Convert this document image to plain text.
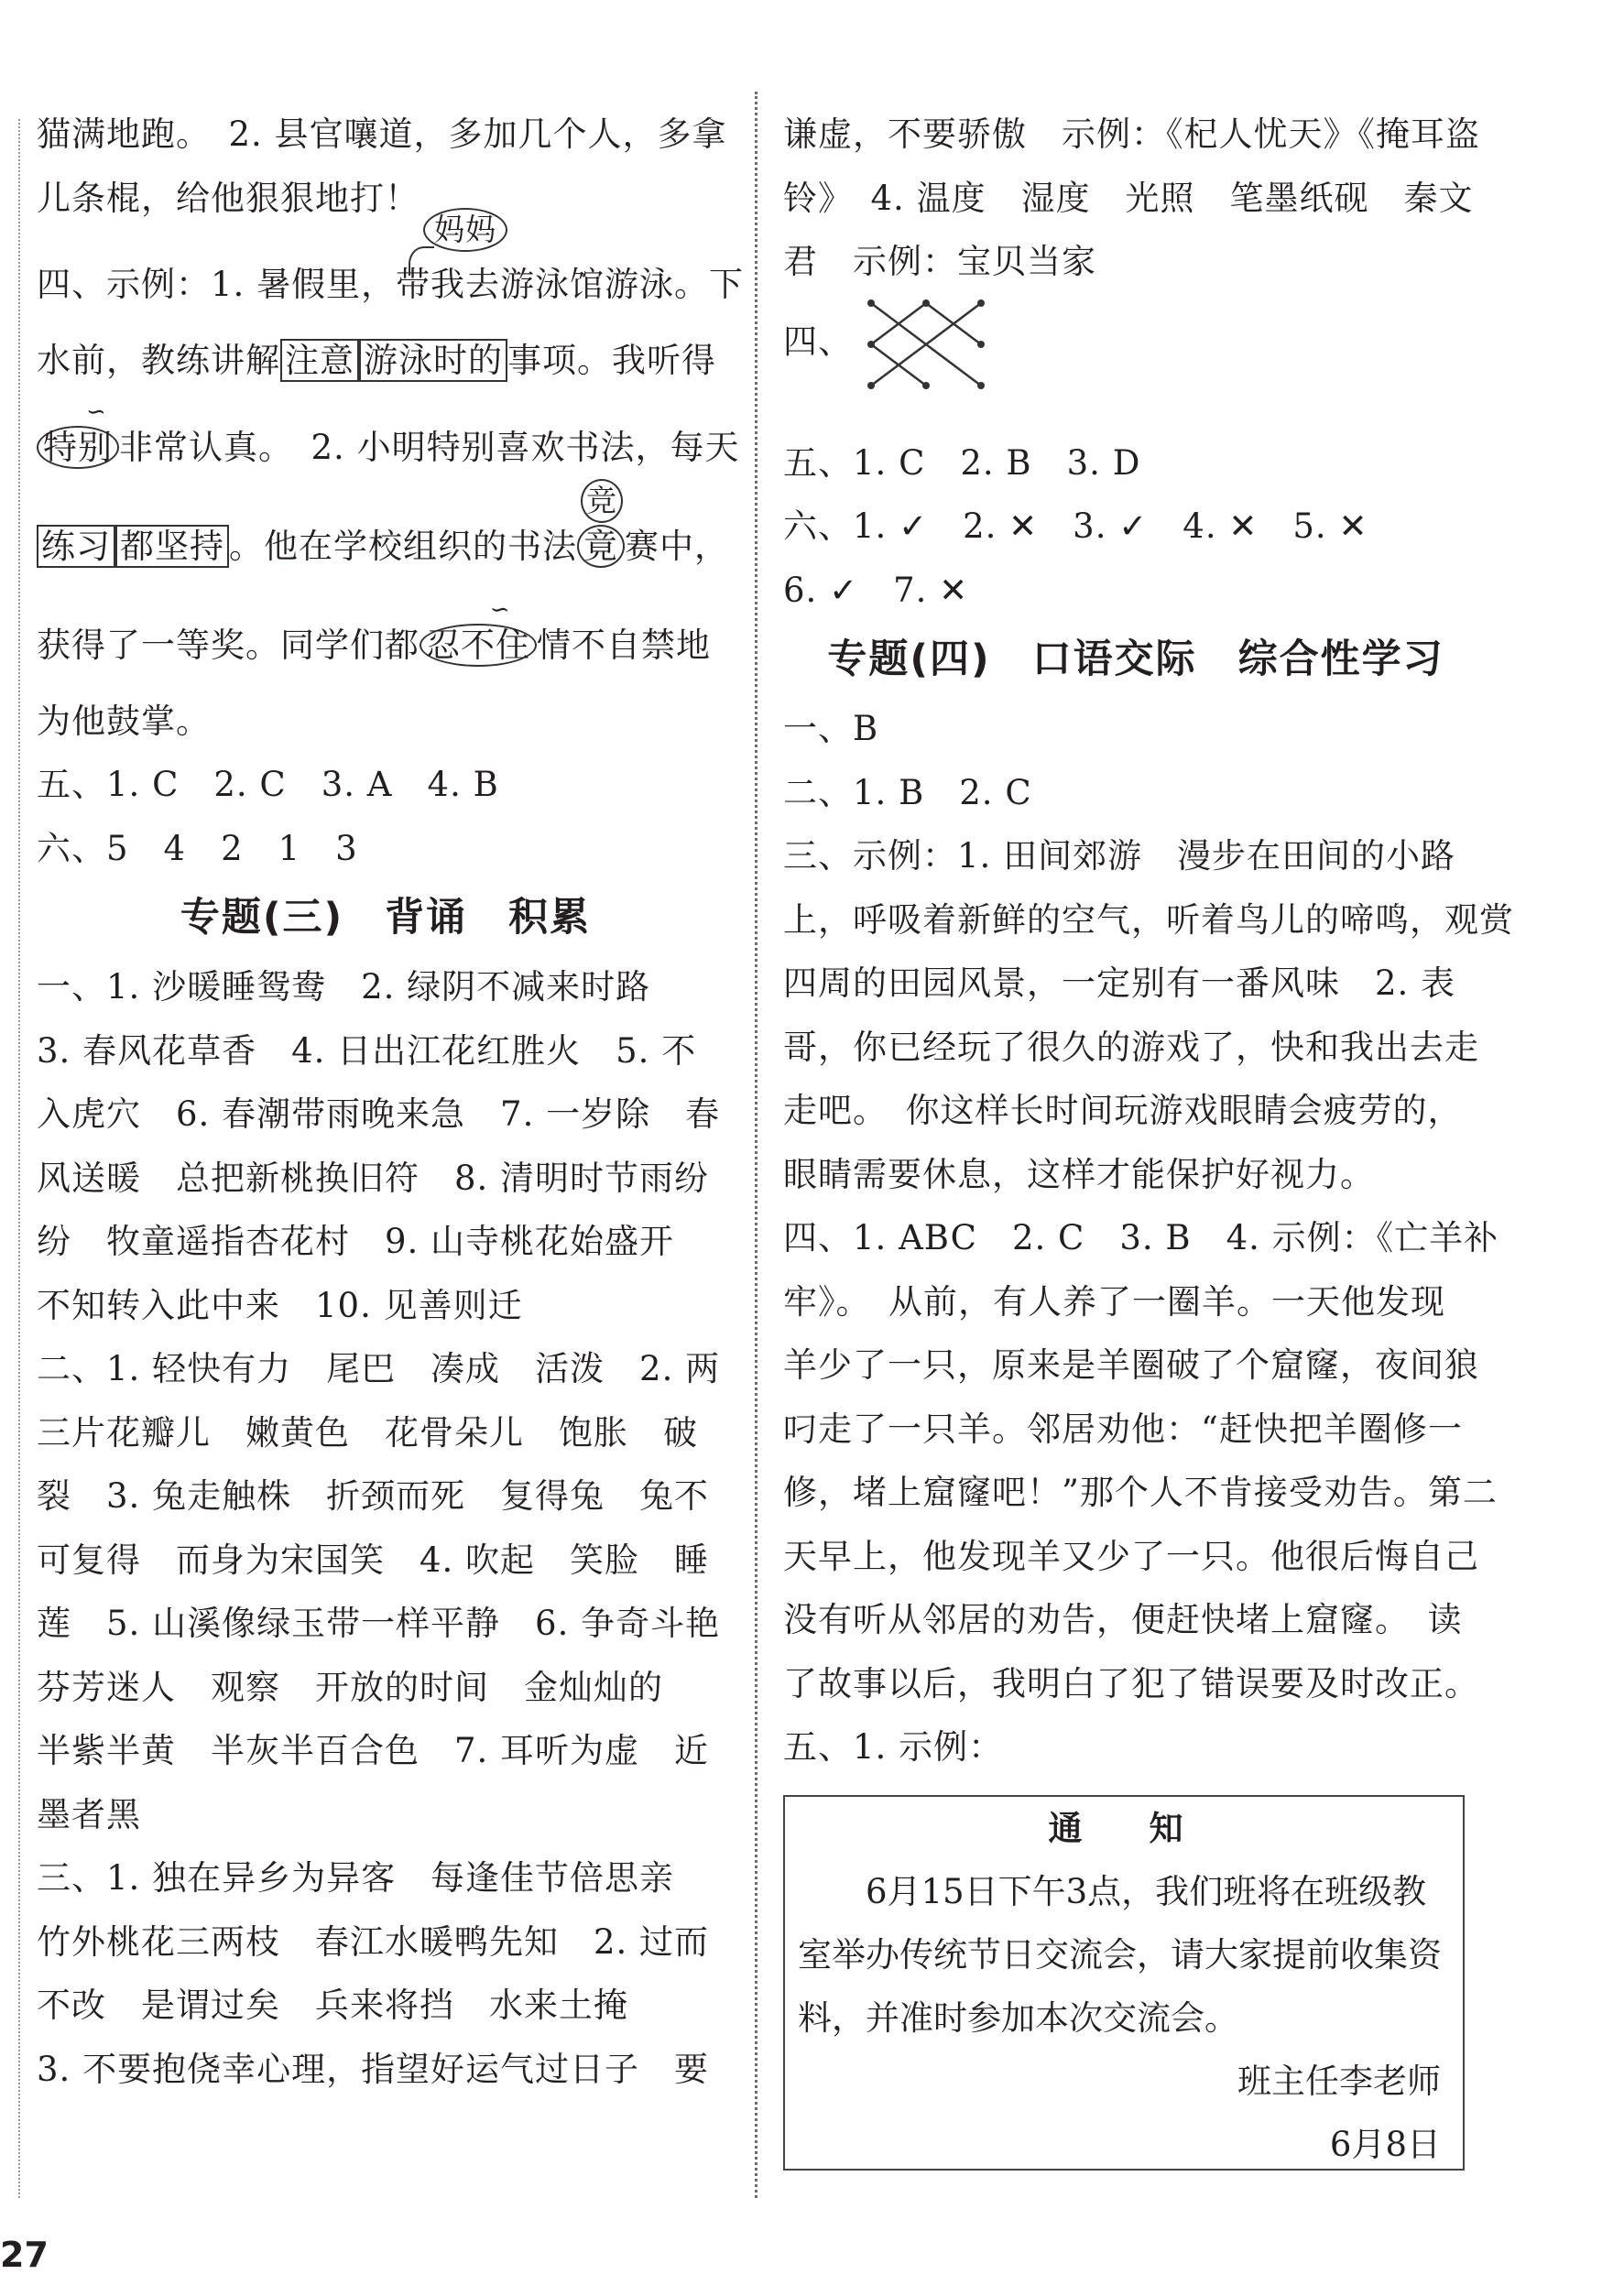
猫满地跑。　2. 县官嚷道，多加几个人，多拿
儿条棍，给他狠狠地打！
四、示例：1. 暑假里，
妈妈
带我去游泳馆游泳。下
水前，教练讲解 注意 游泳时的 事项。我听得
特别
∽
非常认真。　2. 小明特别喜欢书法，每天
练习 都坚持 。他在学校组织的书法 竟
竞
赛中，
获得了一等奖。同学们都 忍不住
∽
情不自禁地
为他鼓掌。
五、1. C　2. C　3. A　4. B
六、5　4　2　1　3
专题(三)　背诵　积累
一、1. 沙暖睡鸳鸯　2. 绿阴不减来时路
3. 春风花草香　4. 日出江花红胜火　5. 不
入虎穴　6. 春潮带雨晚来急　7. 一岁除　春
风送暖　总把新桃换旧符　8. 清明时节雨纷
纷　牧童遥指杏花村　9. 山寺桃花始盛开
不知转入此中来　10. 见善则迁
二、1. 轻快有力　尾巴　凑成　活泼　2. 两
三片花瓣儿　嫩黄色　花骨朵儿　饱胀　破
裂　3. 兔走触株　折颈而死　复得兔　兔不
可复得　而身为宋国笑　4. 吹起　笑脸　睡
莲　5. 山溪像绿玉带一样平静　6. 争奇斗艳
芬芳迷人　观察　开放的时间　金灿灿的
半紫半黄　半灰半百合色　7. 耳听为虚　近
墨者黑
三、1. 独在异乡为异客　每逢佳节倍思亲
竹外桃花三两枝　春江水暖鸭先知　2. 过而
不改　是谓过矣　兵来将挡　水来土掩
3. 不要抱侥幸心理，指望好运气过日子　要
谦虚，不要骄傲　示例：《杞人忧天》《掩耳盗
铃》　4. 温度　湿度　光照　笔墨纸砚　秦文
君　示例：宝贝当家
四、
五、1. C　2. B　3. D
六、1. ✓　2. ✕　3. ✓　4. ✕　5. ✕
6. ✓　7. ✕
专题(四)　口语交际　综合性学习
一、B
二、1. B　2. C
三、示例：1. 田间郊游　漫步在田间的小路
上，呼吸着新鲜的空气，听着鸟儿的啼鸣，观赏
四周的田园风景，一定别有一番风味　2. 表
哥，你已经玩了很久的游戏了，快和我出去走
走吧。　你这样长时间玩游戏眼睛会疲劳的，
眼睛需要休息，这样才能保护好视力。
四、1. ABC　2. C　3. B　4. 示例：《亡羊补
牢》。　从前，有人养了一圈羊。一天他发现
羊少了一只，原来是羊圈破了个窟窿，夜间狼
叼走了一只羊。邻居劝他：“赶快把羊圈修一
修，堵上窟窿吧！”那个人不肯接受劝告。第二
天早上，他发现羊又少了一只。他很后悔自己
没有听从邻居的劝告，便赶快堵上窟窿。　读
了故事以后，我明白了犯了错误要及时改正。
五、1. 示例：
通　知
6月15日下午3点，我们班将在班级教室举办传统节日交流会，请大家提前收集资料，并准时参加本次交流会。
班主任李老师
6月8日
27
